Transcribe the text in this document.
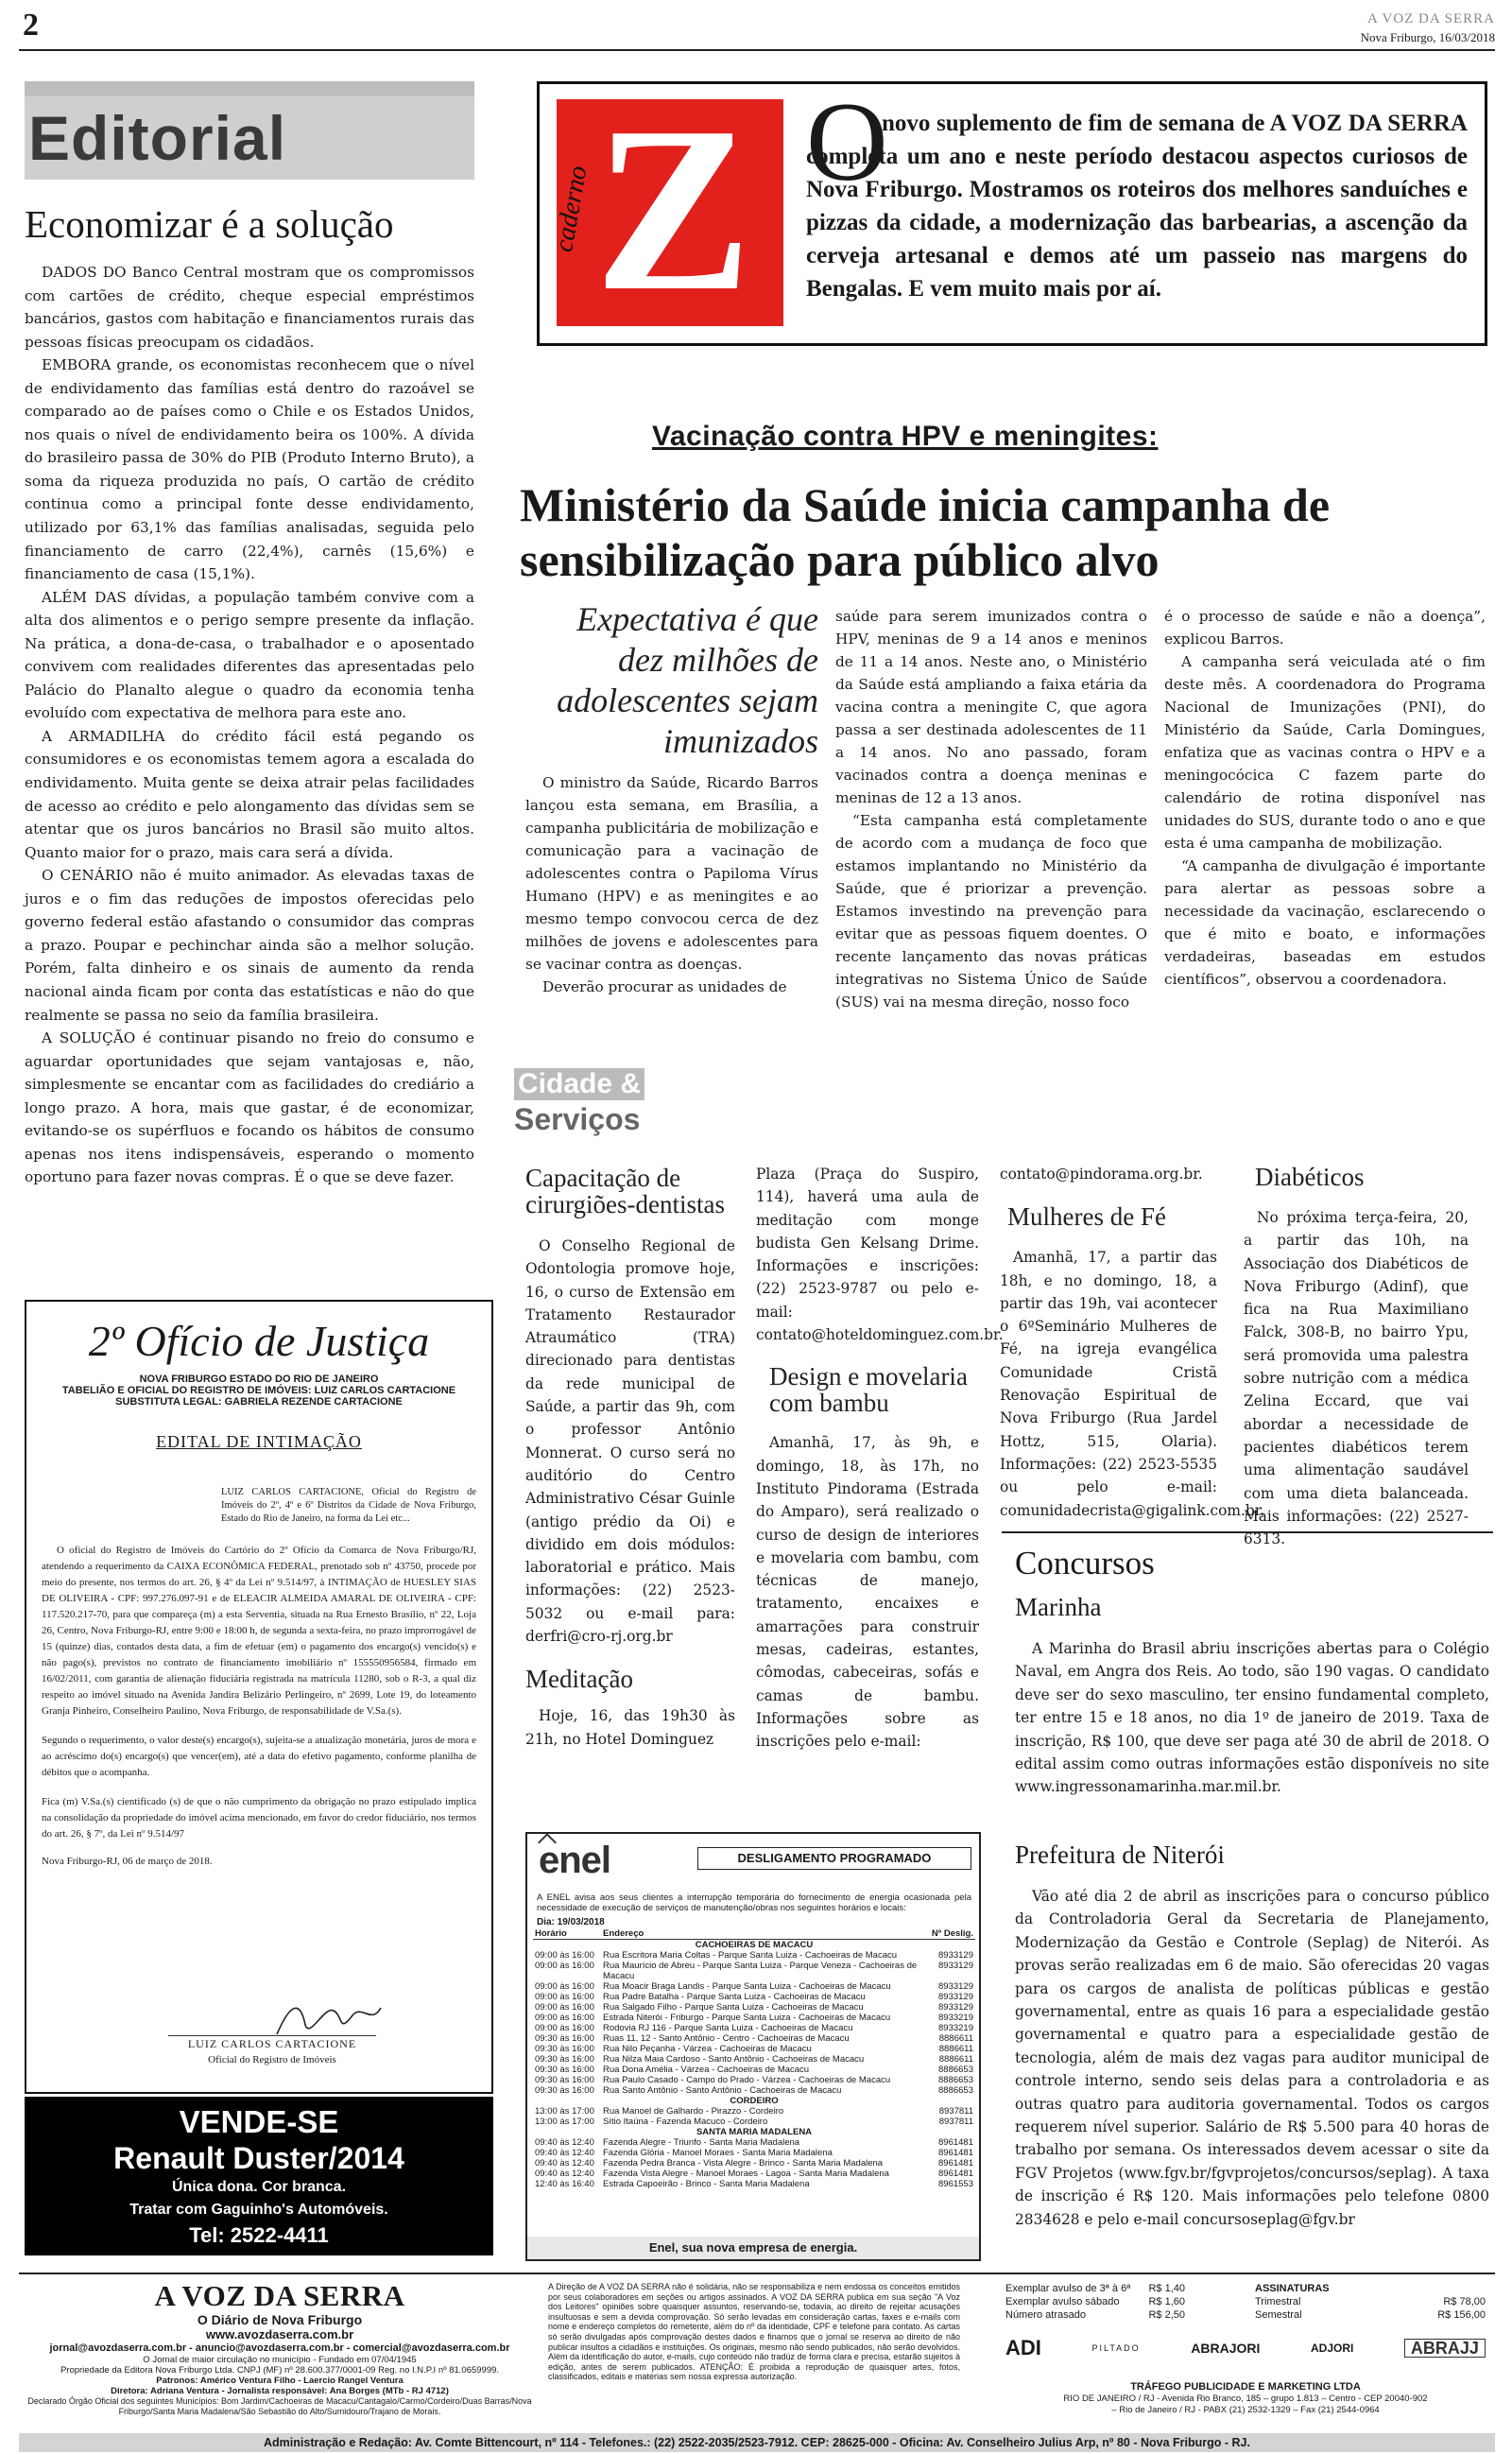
2	A VOZ DA SERRA
Nova Friburgo, 16/03/2018
Editorial
Economizar é a solução

DADOS DO Banco Central mostram que os compromissos com cartões de crédito, cheque especial empréstimos bancários, gastos com habitação e financiamentos rurais das pessoas físicas preocupam os cidadãos.

EMBORA grande, os economistas reconhecem que o nível de endividamento das famílias está dentro do razoável se comparado ao de países como o Chile e os Estados Unidos, nos quais o nível de endividamento beira os 100%. A dívida do brasileiro passa de 30% do PIB (Produto Interno Bruto), a soma da riqueza produzida no país, O cartão de crédito continua como a principal fonte desse endividamento, utilizado por 63,1% das famílias analisadas, seguida pelo financiamento de carro (22,4%), carnês (15,6%) e financiamento de casa (15,1%).

ALÉM DAS dívidas, a população também convive com a alta dos alimentos e o perigo sempre presente da inflação. Na prática, a dona-de-casa, o trabalhador e o aposentado convivem com realidades diferentes das apresentadas pelo Palácio do Planalto alegue o quadro da economia tenha evoluído com expectativa de melhora para este ano.

A ARMADILHA do crédito fácil está pegando os consumidores e os economistas temem agora a escalada do endividamento. Muita gente se deixa atrair pelas facilidades de acesso ao crédito e pelo alongamento das dívidas sem se atentar que os juros bancários no Brasil são muito altos. Quanto maior for o prazo, mais cara será a dívida.

O CENÁRIO não é muito animador. As elevadas taxas de juros e o fim das reduções de impostos oferecidas pelo governo federal estão afastando o consumidor das compras a prazo. Poupar e pechinchar ainda são a melhor solução. Porém, falta dinheiro e os sinais de aumento da renda nacional ainda ficam por conta das estatísticas e não do que realmente se passa no seio da família brasileira.

A SOLUÇÃO é continuar pisando no freio do consumo e aguardar oportunidades que sejam vantajosas e, não, simplesmente se encantar com as facilidades do crediário a longo prazo. A hora, mais que gastar, é de economizar, evitando-se os supérfluos e focando os hábitos de consumo apenas nos itens indispensáveis, esperando o momento oportuno para fazer novas compras. É o que se deve fazer.

2º Ofício de Justiça
NOVA FRIBURGO ESTADO DO RIO DE JANEIRO
TABELIÃO E OFICIAL DO REGISTRO DE IMÓVEIS: LUIZ CARLOS CARTACIONE
SUBSTITUTA LEGAL: GABRIELA REZENDE CARTACIONE
EDITAL DE INTIMAÇÃO
LUIZ CARLOS CARTACIONE, Oficial do Registro de Imóveis do 2º, 4º e 6º Distritos da Cidade de Nova Friburgo, Estado do Rio de Janeiro, na forma da Lei etc...
O oficial do Registro de Imóveis do Cartório do 2º Ofício da Comarca de Nova Friburgo/RJ, atendendo a requerimento da CAIXA ECONÔMICA FEDERAL, prenotado sob nº 43750, procede por meio do presente, nos termos do art. 26, § 4º da Lei nº 9.514/97, à INTIMAÇÃO de HUESLEY SIAS DE OLIVEIRA - CPF: 997.276.097-91 e de ELEACIR ALMEIDA AMARAL DE OLIVEIRA - CPF: 117.520.217-70, para que compareça (m) a esta Serventia, situada na Rua Ernesto Brasílio, nº 22, Loja 26, Centro, Nova Friburgo-RJ, entre 9:00 e 18:00 h, de segunda a sexta-feira, no prazo improrrogável de 15 (quinze) dias, contados desta data, a fim de efetuar (em) o pagamento dos encargo(s) vencido(s) e não pago(s), previstos no contrato de financiamento imobiliário nº 155550956584, firmado em 16/02/2011, com garantia de alienação fiduciária registrada na matrícula 11280, sob o R-3, a qual diz respeito ao imóvel situado na Avenida Jandira Belizário Perlingeiro, nº 2699, Lote 19, do loteamento Granja Pinheiro, Conselheiro Paulino, Nova Friburgo, de responsabilidade de V.Sa.(s).
Segundo o requerimento, o valor deste(s) encargo(s), sujeita-se a atualização monetária, juros de mora e ao acréscimo do(s) encargo(s) que vencer(em), até a data do efetivo pagamento, conforme planilha de débitos que o acompanha.
Fica (m) V.Sa.(s) cientificado (s) de que o não cumprimento da obrigação no prazo estipulado implica na consolidação da propriedade do imóvel acima mencionado, em favor do credor fiduciário, nos termos do art. 26, § 7º, da Lei nº 9.514/97
Nova Friburgo-RJ, 06 de março de 2018.
LUIZ CARLOS CARTACIONE
Oficial do Registro de Imóveis
VENDE-SE
Renault Duster/2014
Única dona. Cor branca.
Tratar com Gaguinho's Automóveis.
Tel: 2522-4411
Z
caderno
O
novo suplemento de fim de semana de A VOZ DA SERRA completa um ano e neste período destacou aspectos curiosos de Nova Friburgo. Mostramos os roteiros dos melhores sanduíches e pizzas da cidade, a modernização das barbearias, a ascenção da cerveja artesanal e demos até um passeio nas margens do Bengalas. E vem muito mais por aí.
Vacinação contra HPV e meningites:
Ministério da Saúde inicia campanha de sensibilização para público alvo
Expectativa é que dez milhões de adolescentes sejam imunizados

O ministro da Saúde, Ricardo Barros lançou esta semana, em Brasília, a campanha publicitária de mobilização e comunicação para a vacinação de adolescentes contra o Papiloma Vírus Humano (HPV) e as meningites e ao mesmo tempo convocou cerca de dez milhões de jovens e adolescentes para se vacinar contra as doenças.

Deverão procurar as unidades de

saúde para serem imunizados contra o HPV, meninas de 9 a 14 anos e meninos de 11 a 14 anos. Neste ano, o Ministério da Saúde está ampliando a faixa etária da vacina contra a meningite C, que agora passa a ser destinada adolescentes de 11 a 14 anos. No ano passado, foram vacinados contra a doença meninas e meninas de 12 a 13 anos.

“Esta campanha está completamente de acordo com a mudança de foco que estamos implantando no Ministério da Saúde, que é priorizar a prevenção. Estamos investindo na prevenção para evitar que as pessoas fiquem doentes. O recente lançamento das novas práticas integrativas no Sistema Único de Saúde (SUS) vai na mesma direção, nosso foco

é o processo de saúde e não a doença”, explicou Barros.

A campanha será veiculada até o fim deste mês. A coordenadora do Programa Nacional de Imunizações (PNI), do Ministério da Saúde, Carla Domingues, enfatiza que as vacinas contra o HPV e a meningocócica C fazem parte do calendário de rotina disponível nas unidades do SUS, durante todo o ano e que esta é uma campanha de mobilização.

“A campanha de divulgação é importante para alertar as pessoas sobre a necessidade da vacinação, esclarecendo o que é mito e boato, e informações verdadeiras, baseadas em estudos científicos”, observou a coordenadora.

Cidade &
Serviços
Capacitação de cirurgiões-dentistas
O Conselho Regional de Odontologia promove hoje, 16, o curso de Extensão em Tratamento Restaurador Atraumático (TRA) direcionado para dentistas da rede municipal de Saúde, a partir das 9h, com o professor Antônio Monnerat. O curso será no auditório do Centro Administrativo César Guinle (antigo prédio da Oi) e dividido em dois módulos: laboratorial e prático. Mais informações: (22) 2523-5032 ou e-mail para: derfri@cro-rj.org.br
Meditação
Hoje, 16, das 19h30 às 21h, no Hotel Dominguez
Plaza (Praça do Suspiro, 114), haverá uma aula de meditação com monge budista Gen Kelsang Drime. Informações e inscrições: (22) 2523-9787 ou pelo e-mail: contato@hoteldominguez.com.br.
Design e movelaria com bambu
Amanhã, 17, às 9h, e domingo, 18, às 17h, no Instituto Pindorama (Estrada do Amparo), será realizado o curso de design de interiores e movelaria com bambu, com técnicas de manejo, tratamento, encaixes e amarrações para construir mesas, cadeiras, estantes, cômodas, cabeceiras, sofás e camas de bambu. Informações sobre as inscrições pelo e-mail:
contato@pindorama.org.br.
Mulheres de Fé
Amanhã, 17, a partir das 18h, e no domingo, 18, a partir das 19h, vai acontecer o 6ºSeminário Mulheres de Fé, na igreja evangélica Comunidade Cristã Renovação Espiritual de Nova Friburgo (Rua Jardel Hottz, 515, Olaria). Informações: (22) 2523-5535 ou pelo e-mail: comunidadecrista@gigalink.com.br.
Diabéticos
No próxima terça-feira, 20, a partir das 10h, na Associação dos Diabéticos de Nova Friburgo (Adinf), que fica na Rua Maximiliano Falck, 308-B, no bairro Ypu, será promovida uma palestra sobre nutrição com a médica Zelina Eccard, que vai abordar a necessidade de pacientes diabéticos terem uma alimentação saudável com uma dieta balanceada. Mais informações: (22) 2527-6313.
Concursos
Marinha
A Marinha do Brasil abriu inscrições abertas para o Colégio Naval, em Angra dos Reis. Ao todo, são 190 vagas. O candidato deve ser do sexo masculino, ter ensino fundamental completo, ter entre 15 e 18 anos, no dia 1º de janeiro de 2019. Taxa de inscrição, R$ 100, que deve ser paga até 30 de abril de 2018. O edital assim como outras informações estão disponíveis no site www.ingressonamarinha.mar.mil.br.
Prefeitura de Niterói
Vão até dia 2 de abril as inscrições para o concurso público da Controladoria Geral da Secretaria de Planejamento, Modernização da Gestão e Controle (Seplag) de Niterói. As provas serão realizadas em 6 de maio. São oferecidas 20 vagas para os cargos de analista de políticas públicas e gestão governamental, entre as quais 16 para a especialidade gestão governamental e quatro para a especialidade gestão de tecnologia, além de mais dez vagas para auditor municipal de controle interno, sendo seis delas para a controladoria e as outras quatro para auditoria governamental. Todos os cargos requerem nível superior. Salário de R$ 5.500 para 40 horas de trabalho por semana. Os interessados devem acessar o site da FGV Projetos (www.fgv.br/fgvprojetos/concursos/seplag). A taxa de inscrição é R$ 120. Mais informações pelo telefone 0800 2834628 e pelo e-mail concursoseplag@fgv.br
enel	DESLIGAMENTO PROGRAMADO
A ENEL avisa aos seus clientes a interrupção temporária do fornecimento de energia ocasionada pela necessidade de execução de serviços de manutenção/obras nos seguintes horários e locais:
Dia: 19/03/2018
Horário	Endereço	Nº Deslig.
CACHOEIRAS DE MACACU		
09:00 às 16:00	Rua Escritora Maria Coltas - Parque Santa Luiza - Cachoeiras de Macacu	8933129
09:00 às 16:00	Rua Maurício de Abreu - Parque Santa Luiza - Parque Veneza - Cachoeiras de Macacu	8933129
09:00 às 16:00	Rua Moacir Braga Landis - Parque Santa Luiza - Cachoeiras de Macacu	8933129
09:00 às 16:00	Rua Padre Batalha - Parque Santa Luiza - Cachoeiras de Macacu	8933129
09:00 às 16:00	Rua Salgado Filho - Parque Santa Luiza - Cachoeiras de Macacu	8933129
09:00 às 16:00	Estrada Niterói - Friburgo - Parque Santa Luiza - Cachoeiras de Macacu	8933219
09:00 às 16:00	Rodovia RJ 116 - Parque Santa Luiza - Cachoeiras de Macacu	8933219
09:30 às 16:00	Ruas 11, 12 - Santo Antônio - Centro - Cachoeiras de Macacu	8886611
09:30 às 16:00	Rua Nilo Peçanha - Várzea - Cachoeiras de Macacu	8886611
09:30 às 16:00	Rua Nilza Maia Cardoso - Santo Antônio - Cachoeiras de Macacu	8886611
09:30 às 16:00	Rua Dona Amélia - Várzea - Cachoeiras de Macacu	8886653
09:30 às 16:00	Rua Paulo Casado - Campo do Prado - Várzea - Cachoeiras de Macacu	8886653
09:30 às 16:00	Rua Santo Antônio - Santo Antônio - Cachoeiras de Macacu	8886653
CORDEIRO		
13:00 às 17:00	Rua Manoel de Galhardo - Pirazzo - Cordeiro	8937811
13:00 às 17:00	Sítio Itaúna - Fazenda Macuco - Cordeiro	8937811
SANTA MARIA MADALENA		
09:40 às 12:40	Fazenda Alegre - Triunfo - Santa Maria Madalena	8961481
09:40 às 12:40	Fazenda Glória - Manoel Moraes - Santa Maria Madalena	8961481
09:40 às 12:40	Fazenda Pedra Branca - Vista Alegre - Brinco - Santa Maria Madalena	8961481
09:40 às 12:40	Fazenda Vista Alegre - Manoel Moraes - Lagoa - Santa Maria Madalena	8961481
12:40 às 16:40	Estrada Capoeirão - Brinco - Santa Maria Madalena	8961553
Enel, sua nova empresa de energia.
A VOZ DA SERRA
O Diário de Nova Friburgo
www.avozdaserra.com.br
jornal@avozdaserra.com.br - anuncio@avozdaserra.com.br - comercial@avozdaserra.com.br
O Jornal de maior circulação no município - Fundado em 07/04/1945
Propriedade da Editora Nova Friburgo Ltda. CNPJ (MF) nº 28.600.377/0001-09 Reg. no I.N.P.I nº 81.0659999.
Patronos: Américo Ventura Filho - Laercio Rangel Ventura
Diretora: Adriana Ventura - Jornalista responsável: Ana Borges (MTb - RJ 4712)
Declarado Órgão Oficial dos seguintes Municípios: Bom Jardim/Cachoeiras de Macacu/Cantagalo/Carmo/Cordeiro/Duas Barras/Nova Friburgo/Santa Maria Madalena/São Sebastião do Alto/Sumidouro/Trajano de Morais.
A Direção de A VOZ DA SERRA não é solidária, não se responsabiliza e nem endossa os conceitos emitidos por seus colaboradores em seções ou artigos assinados. A VOZ DA SERRA publica em sua seção "A Voz dos Leitores" opiniões sobre quaisquer assuntos, reservando-se, todavia, ao direito de rejeitar acusações insultuosas e sem a devida comprovação. Só serão levadas em consideração cartas, faxes e e-mails com nome e endereço completos do remetente, além do nº da identidade, CPF e telefone para contato. As cartas só serão divulgadas após comprovação destes dados e finamos que o jornal se reserva ao direito de não publicar insultos a cidadãos e instituições. Os originais, mesmo não sendo publicados, não serão devolvidos. Além da identificação do autor, e-mails, cujo conteúdo não tradúz de forma clara e precisa, estarão sujeitos à edição, antes de serem publicados. ATENÇÃO: É proibida a reprodução de quaisquer artes, fotos, classificados, editais e matérias sem nossa expressa autorização.
Exemplar avulso de 3ª à 6ª R$ 1,40
Exemplar avulso sábado	R$ 1,60
Número atrasado	R$ 2,50
ASSINATURAS
Trimestral	R$ 78,00
Semestral	R$ 156,00
ADI	PILTADO	ABRAJORI	ADJORI	ABRAJJ
TRÁFEGO PUBLICIDADE E MARKETING LTDA
RIO DE JANEIRO / RJ - Avenida Rio Branco, 185 – grupo 1.813 – Centro - CEP 20040-902
– Rio de Janeiro / RJ - PABX (21) 2532-1329 – Fax (21) 2544-0964
Administração e Redação: Av. Comte Bittencourt, nº 114 - Telefones.: (22) 2522-2035/2523-7912. CEP: 28625-000 - Oficina: Av. Conselheiro Julius Arp, nº 80 - Nova Friburgo - RJ.
